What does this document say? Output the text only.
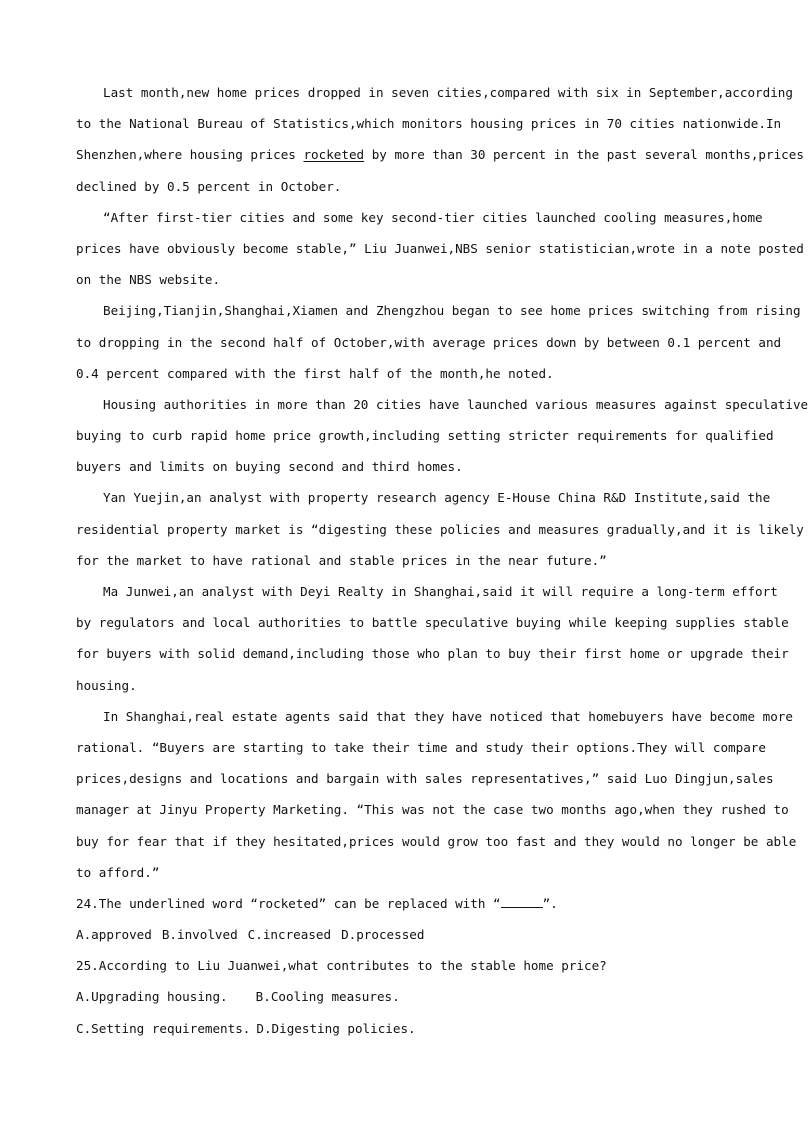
Last month,new home prices dropped in seven cities,compared with six in September,according
to the National Bureau of Statistics,which monitors housing prices in 70 cities nationwide.In
Shenzhen,where housing prices rocketed by more than 30 percent in the past several months,prices
declined by 0.5 percent in October.
“After first-tier cities and some key second-tier cities launched cooling measures,home
prices have obviously become stable,” Liu Juanwei,NBS senior statistician,wrote in a note posted
on the NBS website.
Beijing,Tianjin,Shanghai,Xiamen and Zhengzhou began to see home prices switching from rising
to dropping in the second half of October,with average prices down by between 0.1 percent and
0.4 percent compared with the first half of the month,he noted.
Housing authorities in more than 20 cities have launched various measures against speculative
buying to curb rapid home price growth,including setting stricter requirements for qualified
buyers and limits on buying second and third homes.
Yan Yuejin,an analyst with property research agency E-House China R&D Institute,said the
residential property market is “digesting these policies and measures gradually,and it is likely
for the market to have rational and stable prices in the near future.”
Ma Junwei,an analyst with Deyi Realty in Shanghai,said it will require a long-term effort
by regulators and local authorities to battle speculative buying while keeping supplies stable
for buyers with solid demand,including those who plan to buy their first home or upgrade their
housing.
In Shanghai,real estate agents said that they have noticed that homebuyers have become more
rational. “Buyers are starting to take their time and study their options.They will compare
prices,designs and locations and bargain with sales representatives,” said Luo Dingjun,sales
manager at Jinyu Property Marketing. “This was not the case two months ago,when they rushed to
buy for fear that if they hesitated,prices would grow too fast and they would no longer be able
to afford.”
24.The underlined word “rocketed” can be replaced with “	”.
A.approved B.involved C.increased D.processed
25.According to Liu Juanwei,what contributes to the stable home price?
A.Upgrading housing. B.Cooling measures.
C.Setting requirements. D.Digesting policies.
